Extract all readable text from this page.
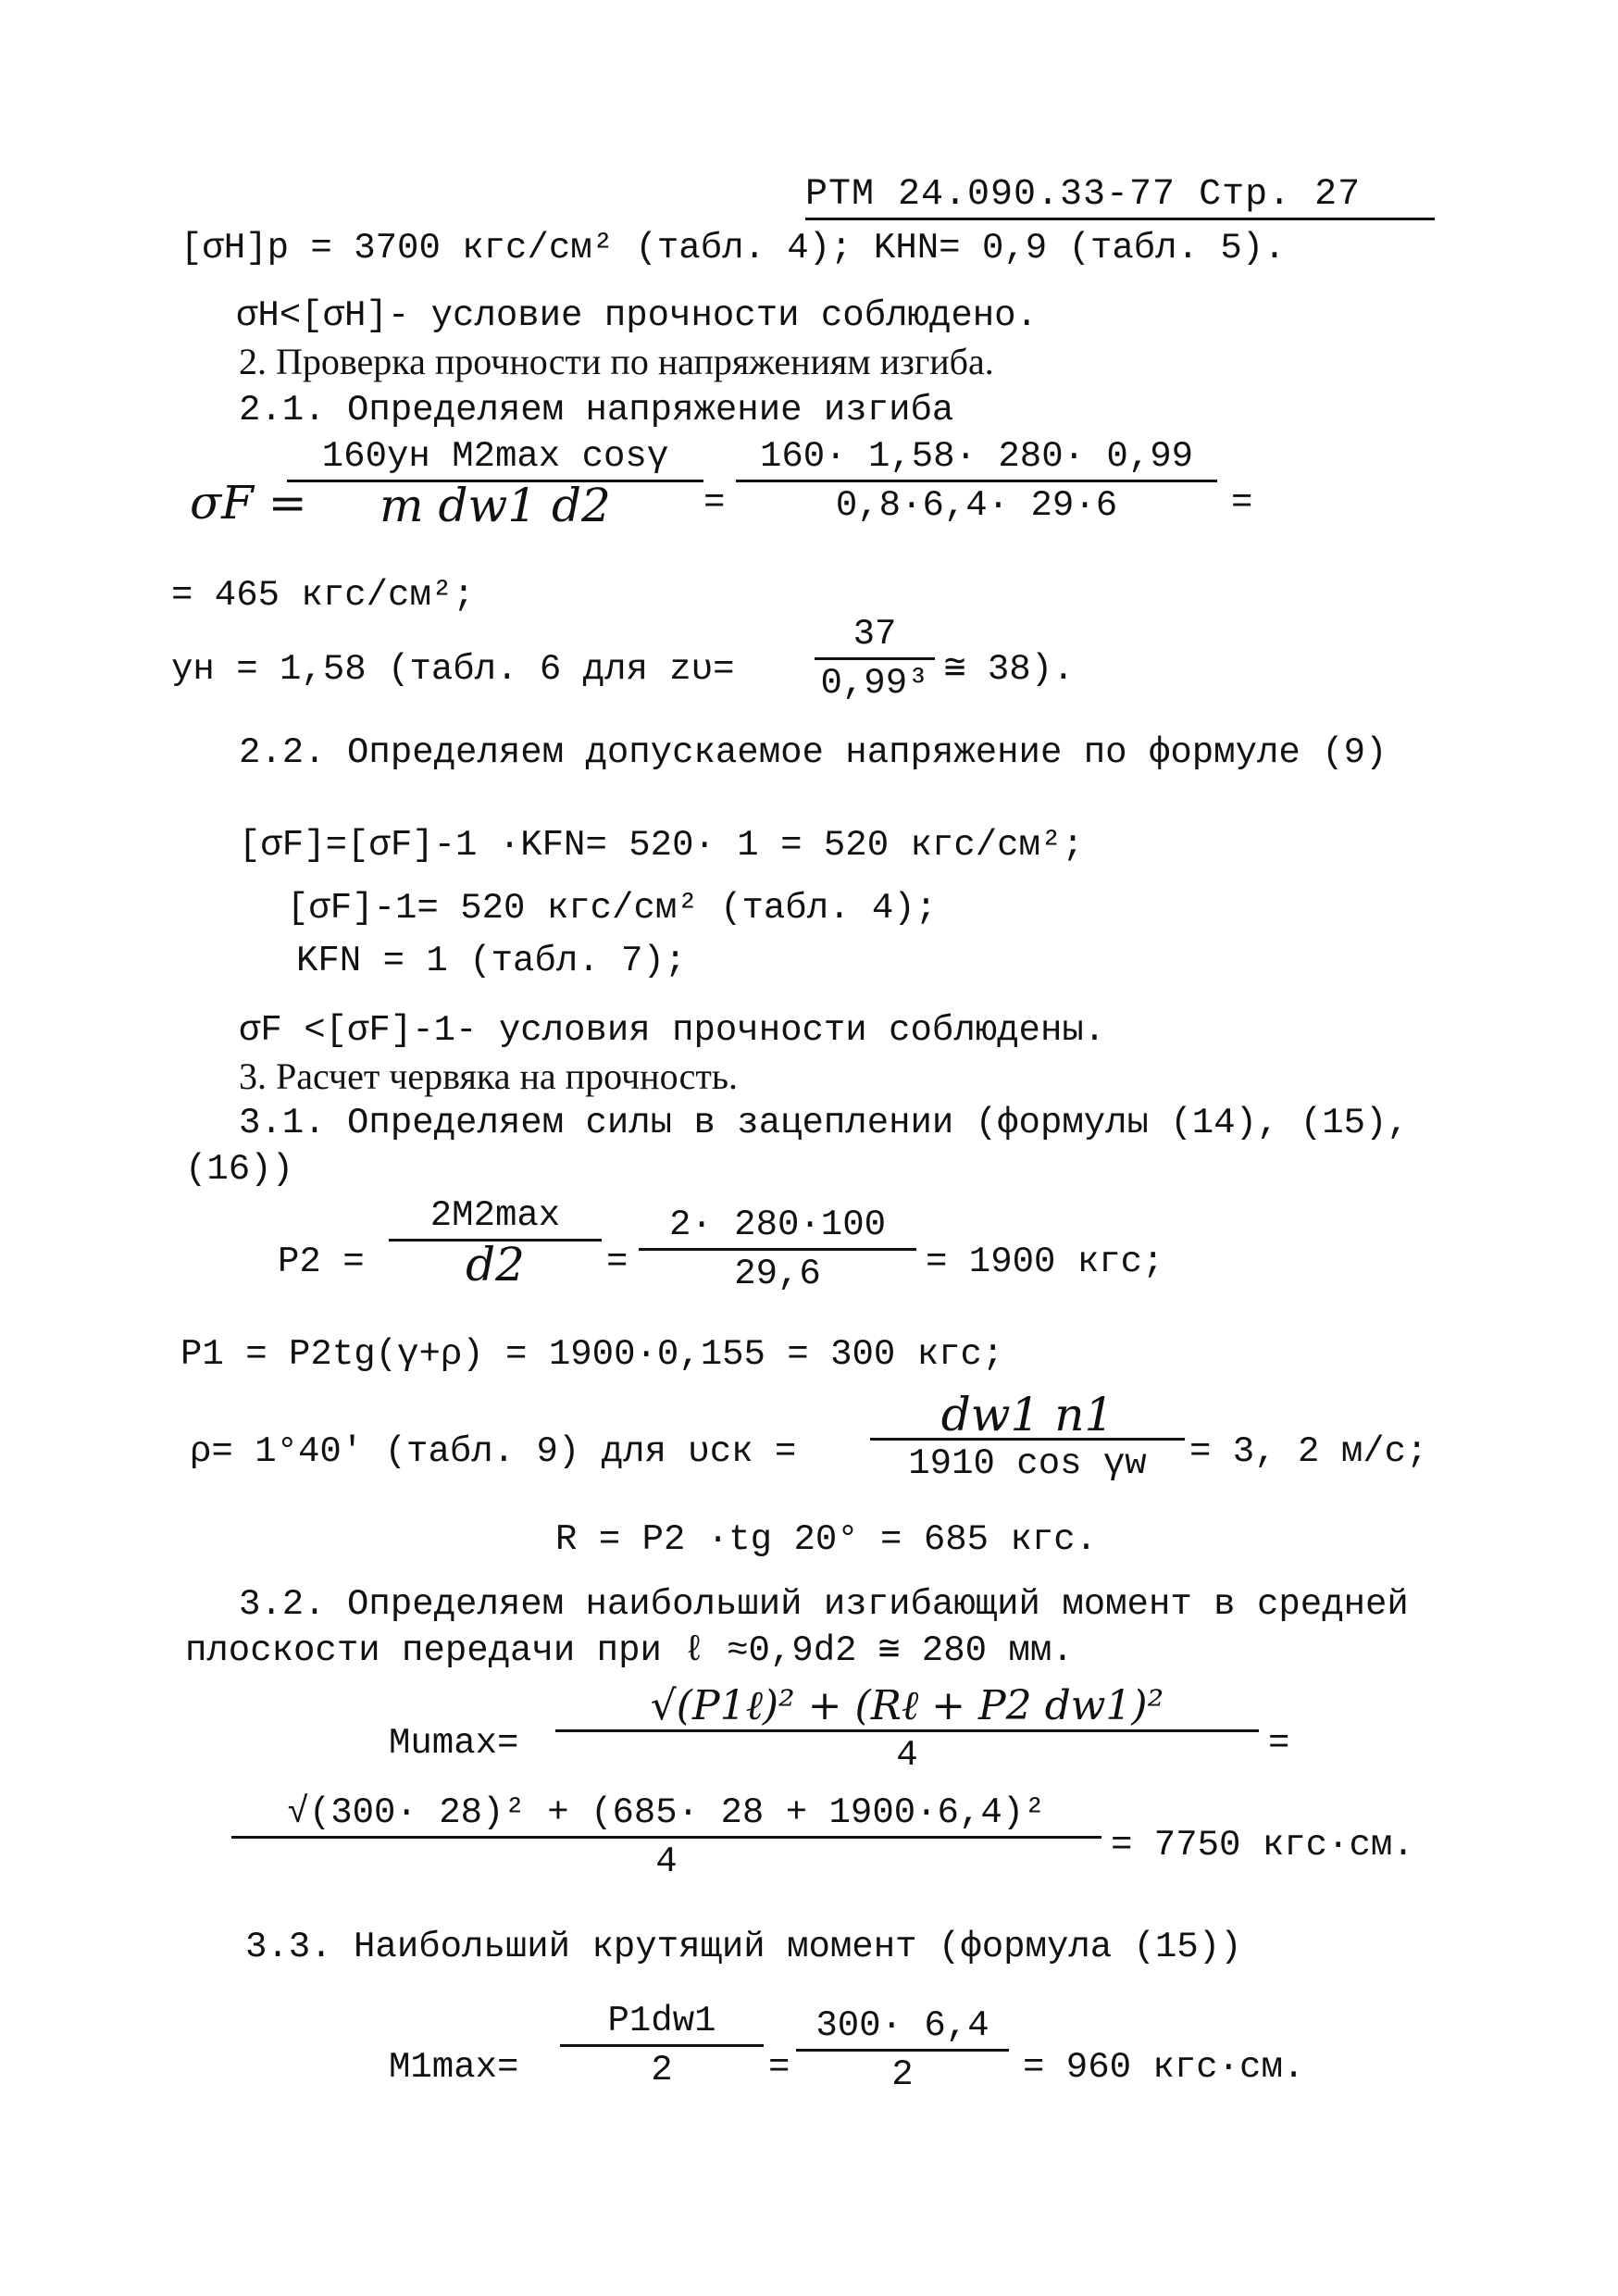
РТМ 24.090.33-77 Стр. 27
[σН]p = 3700 кгс/см² (табл. 4); KHN= 0,9 (табл. 5).
σН<[σН]- условие прочности соблюдено.
2. Проверка прочности по напряжениям изгиба.
2.1. Определяем напряжение изгиба
σF =
160yн M2max cosγ
m dw1 d2	= $\frac{160\cdot 1,58\cdot 280\cdot 0,99}{0,8\cdot 6,4\cdot 29\cdot 6}$ =
= 465 кгс/см²;
yн = 1,58 (табл. 6 для $z\upsilon= \frac{37}{\text{0,99³}}$ ≅ 38).
2.2. Определяем допускаемое напряжение по формуле (9)
[σF]=[σF]-1 ·KFN= 520· 1 = 520 кгс/см²;
[σF]-1= 520 кгс/см² (табл. 4);
KFN = 1 (табл. 7);
σF <[σF]-1- условия прочности соблюдены.
3. Расчет червяка на прочность.
3.1. Определяем силы в зацеплении (формулы (14), (15),
(16))
P2 =
2M2max
d2	= $\frac{2\cdot 280\cdot 100}{29,6} = 1900$ кгс;
P1 = P2tg(γ+ρ) = 1900·0,155 = 300 кгс;
ρ= 1°40′ (табл. 9) для υск =
dw1 n1
1910 cos γw	= 3, 2 м/с;
R = P2 ·tg 20° = 685 кгс.
3.2. Определяем наибольший изгибающий момент в средней
плоскости передачи при ℓ ≈0,9d2 ≅ 280 мм.
Mumax=
√(P1ℓ)² + (Rℓ + P2 dw1)²
4	=
$\frac{\text{√(300· 28)² + (685· 28 + 1900·6,4)²}}{4} = 7750$ кгс·см.
3.3. Наибольший крутящий момент (формула (15))
$M1\max= \frac{P1dw1}{2} = \frac{300\cdot 6,4}{2} = 960$ кгс·см.
